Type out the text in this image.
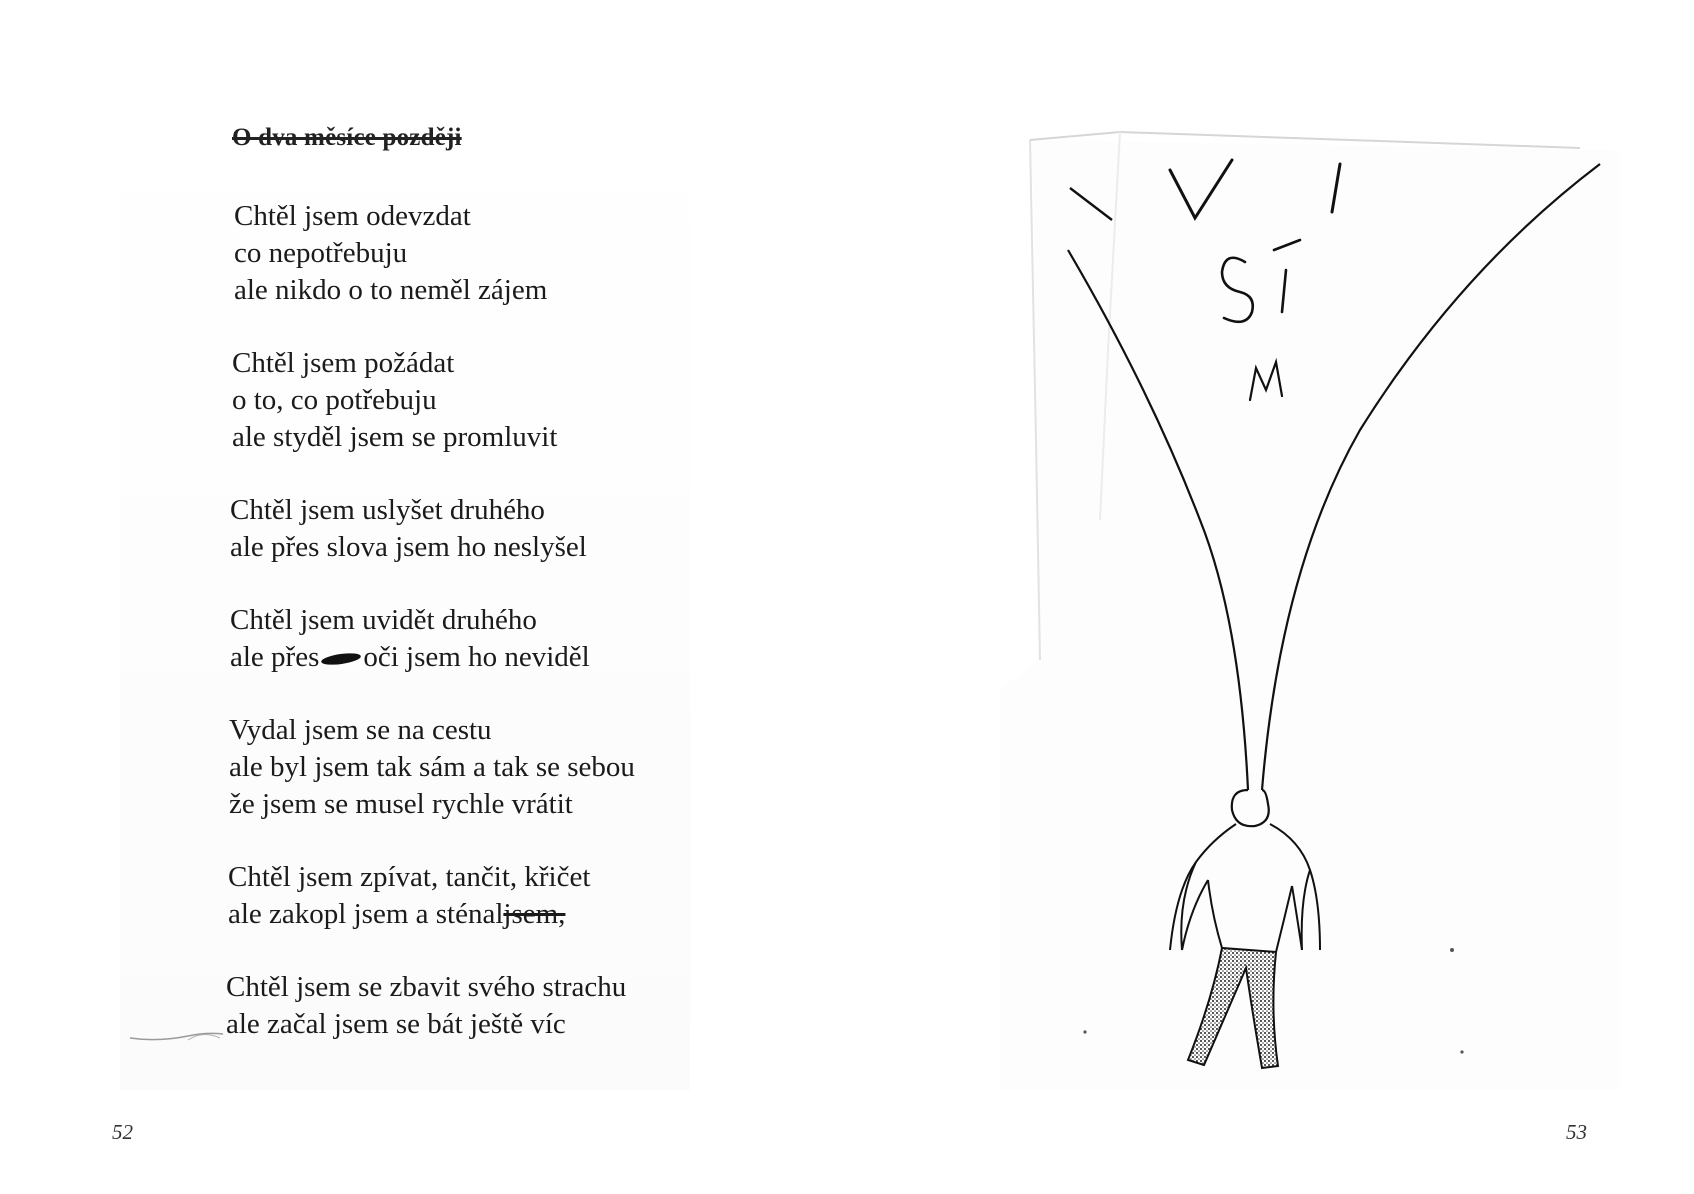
O dva měsíce později
Chtěl jsem odevzdat
co nepotřebuju
ale nikdo o to neměl zájem
Chtěl jsem požádat
o to, co potřebuju
ale styděl jsem se promluvit
Chtěl jsem uslyšet druhého
ale přes slova jsem ho neslyšel
Chtěl jsem uvidět druhého
ale přes oči jsem ho neviděl
Vydal jsem se na cestu
ale byl jsem tak sám a tak se sebou
že jsem se musel rychle vrátit
Chtěl jsem zpívat, tančit, křičet
ale zakopl jsem a sténaljsem,
Chtěl jsem se zbavit svého strachu
ale začal jsem se bát ještě víc
52	53
